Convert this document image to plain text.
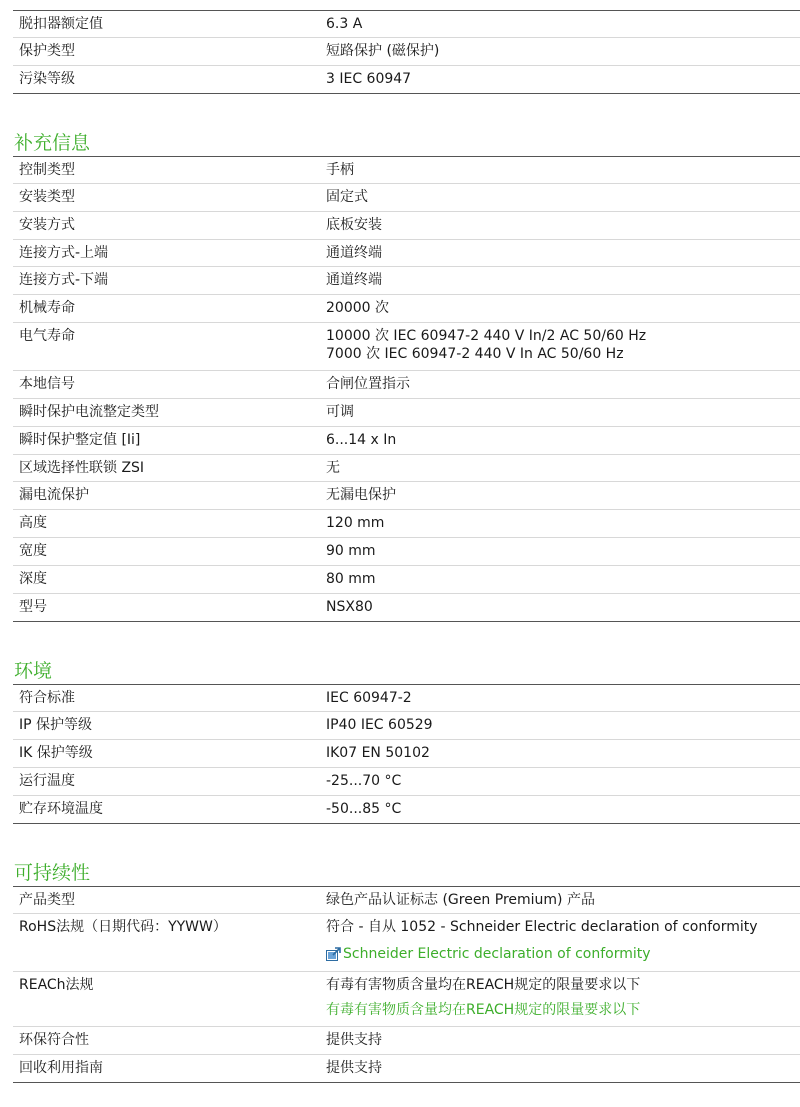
脱扣器额定值	6.3 A
保护类型	短路保护 (磁保护)
污染等级	3 IEC 60947
补充信息
控制类型	手柄

安装类型	固定式

安装方式	底板安装

连接方式-上端	通道终端

连接方式-下端	通道终端

机械寿命	20000 次

电气寿命	10000 次 IEC 60947-2 440 V In/2 AC 50/60 Hz
7000 次 IEC 60947-2 440 V In AC 50/60 Hz

本地信号	合闸位置指示

瞬时保护电流整定类型	可调

瞬时保护整定值 [Ii]	6...14 x In

区域选择性联锁 ZSI	无

漏电流保护	无漏电保护

高度	120 mm

宽度	90 mm

深度	80 mm

型号	NSX80
环境
符合标准	IEC 60947-2

IP 保护等级	IP40 IEC 60529

IK 保护等级	IK07 EN 50102

运行温度	-25...70 °C

贮存环境温度	-50...85 °C
可持续性
产品类型	绿色产品认证标志 (Green Premium) 产品
RoHS法规（日期代码：YYWW）	符合 - 自从 1052 - Schneider Electric declaration of conformity
Schneider Electric declaration of conformity

REACh法规	有毒有害物质含量均在REACH规定的限量要求以下
有毒有害物质含量均在REACH规定的限量要求以下

环保符合性	提供支持
回收利用指南	提供支持
